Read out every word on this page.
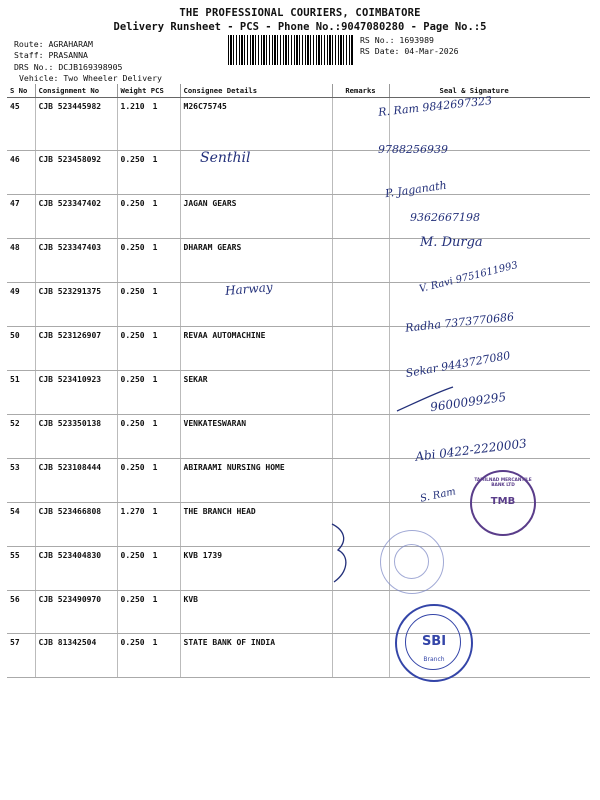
THE PROFESSIONAL COURIERS, COIMBATORE
Delivery Runsheet - PCS - Phone No.:9047080280 - Page No.:5
Route: AGRAHARAM
Staff: PRASANNA
DRS No.: DCJB169398905
Vehicle: Two Wheeler Delivery
RS No.: 1693989
RS Date: 04-Mar-2026
S No	Consignment No	Weight PCS	Consignee Details	Remarks	Seal & Signature
45	CJB 523445982	1.210 1	M26C75745		
46	CJB 523458092	0.250 1			
47	CJB 523347402	0.250 1	JAGAN GEARS		
48	CJB 523347403	0.250 1	DHARAM GEARS		
49	CJB 523291375	0.250 1			
50	CJB 523126907	0.250 1	REVAA AUTOMACHINE		
51	CJB 523410923	0.250 1	SEKAR		
52	CJB 523350138	0.250 1	VENKATESWARAN		
53	CJB 523108444	0.250 1	ABIRAAMI NURSING HOME		
54	CJB 523466808	1.270 1	THE BRANCH HEAD		
55	CJB 523404830	0.250 1	KVB 1739		
56	CJB 523490970	0.250 1	KVB		
57	CJB 81342504	0.250 1	STATE BANK OF INDIA		
R. Ram 9842697323
Senthil
9788256939
P. Jaganath
9362667198
M. Durga
Harway	V. Ravi 9751611993
Radha 7373770686
Sekar 9443727080
9600099295
Abi 0422-2220003
S. Ram
TAMILNAD MERCANTILE BANK LTD
TMB
SBI
Branch
